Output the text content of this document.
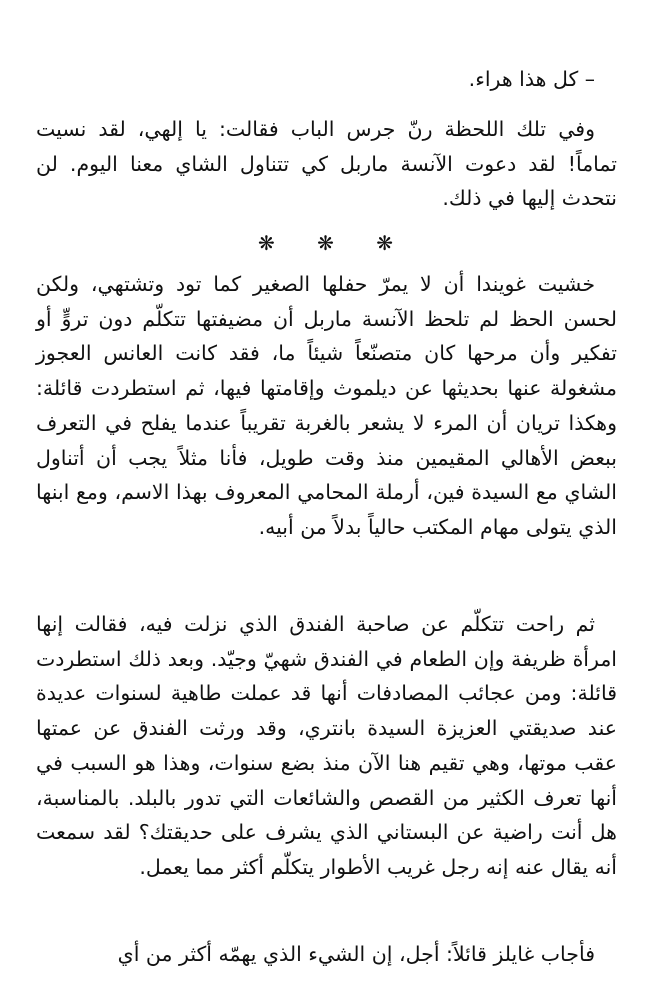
– كل هذا هراء.

وفي تلك اللحظة رنّ جرس الباب فقالت: يا إلهي، لقد نسيت تماماً! لقد دعوت الآنسة ماربل كي تتناول الشاي معنا اليوم. لن نتحدث إليها في ذلك.

❋ ❋ ❋

خشيت غويندا أن لا يمرّ حفلها الصغير كما تود وتشتهي، ولكن لحسن الحظ لم تلحظ الآنسة ماربل أن مضيفتها تتكلّم دون تروٍّ أو تفكير وأن مرحها كان متصنّعاً شيئاً ما، فقد كانت العانس العجوز مشغولة عنها بحديثها عن ديلموث وإقامتها فيها، ثم استطردت قائلة: وهكذا تريان أن المرء لا يشعر بالغربة تقريباً عندما يفلح في التعرف ببعض الأهالي المقيمين منذ وقت طويل، فأنا مثلاً يجب أن أتناول الشاي مع السيدة فين، أرملة المحامي المعروف بهذا الاسم، ومع ابنها الذي يتولى مهام المكتب حالياً بدلاً من أبيه.

ثم راحت تتكلّم عن صاحبة الفندق الذي نزلت فيه، فقالت إنها امرأة ظريفة وإن الطعام في الفندق شهيّ وجيّد. وبعد ذلك استطردت قائلة: ومن عجائب المصادفات أنها قد عملت طاهية لسنوات عديدة عند صديقتي العزيزة السيدة بانتري، وقد ورثت الفندق عن عمتها عقب موتها، وهي تقيم هنا الآن منذ بضع سنوات، وهذا هو السبب في أنها تعرف الكثير من القصص والشائعات التي تدور بالبلد. بالمناسبة، هل أنت راضية عن البستاني الذي يشرف على حديقتك؟ لقد سمعت أنه يقال عنه إنه رجل غريب الأطوار يتكلّم أكثر مما يعمل.

فأجاب غايلز قائلاً: أجل، إن الشيء الذي يهمّه أكثر من أي
